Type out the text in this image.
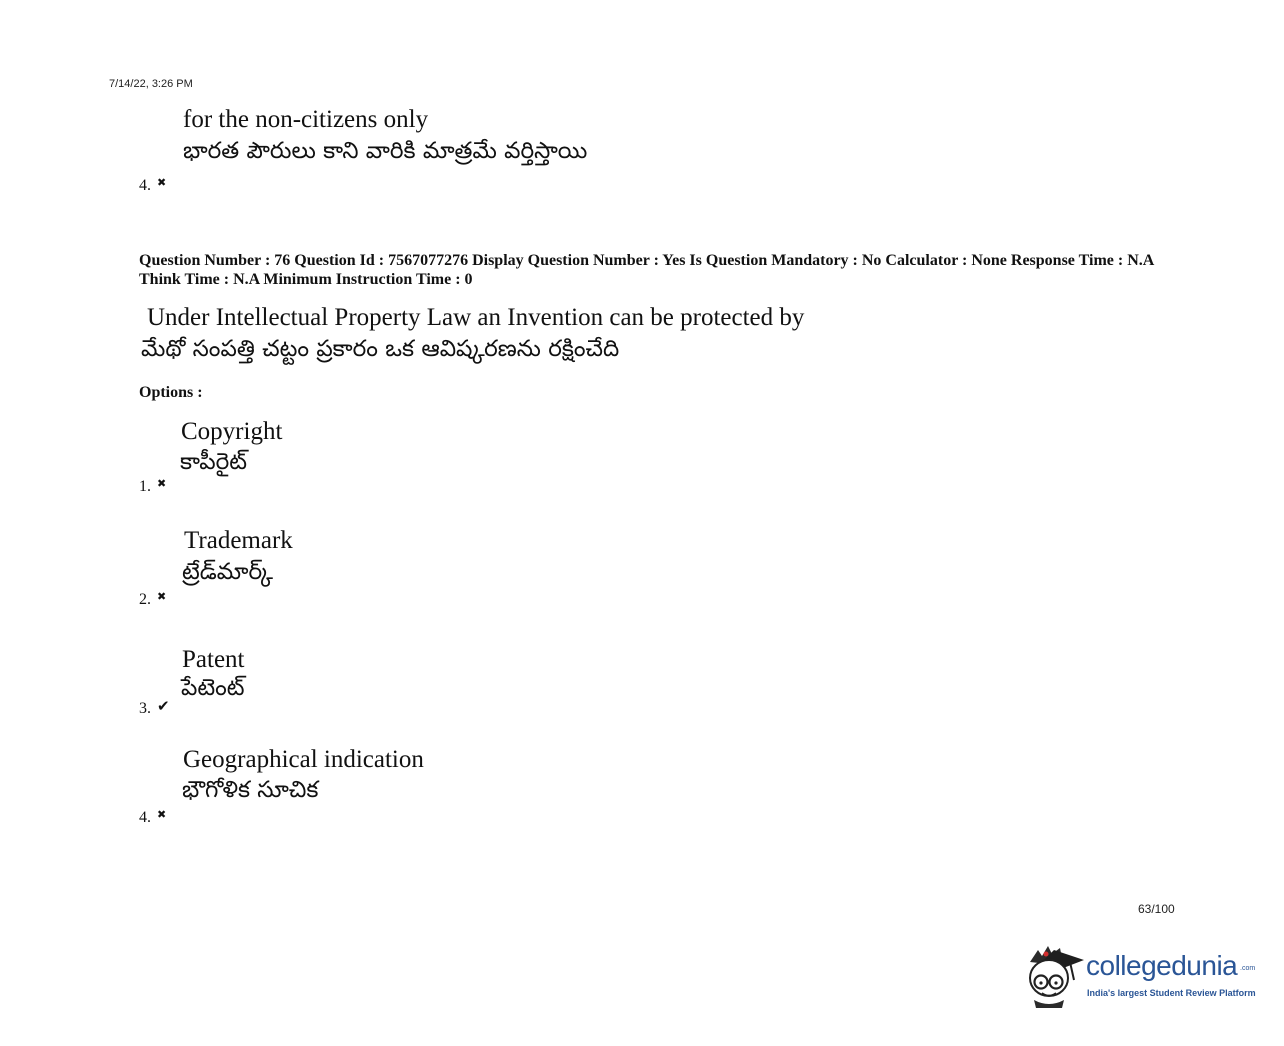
7/14/22, 3:26 PM
for the non-citizens only
భారత పౌరులు కాని వారికి మాత్రమే వర్తిస్తాయి
4. ✖
Question Number : 76 Question Id : 7567077276 Display Question Number : Yes Is Question Mandatory : No Calculator : None Response Time : N.A Think Time : N.A Minimum Instruction Time : 0
Under Intellectual Property Law an Invention can be protected by
మేథో సంపత్తి చట్టం ప్రకారం ఒక ఆవిష్కరణను రక్షించేది
Options :
Copyright
కాపీరైట్
1. ✖
Trademark
ట్రేడ్‌మార్క్
2. ✖
Patent
పేటెంట్
3. ✔
Geographical indication
భౌగోళిక సూచిక
4. ✖
63/100
collegedunia .com
India's largest Student Review Platform
